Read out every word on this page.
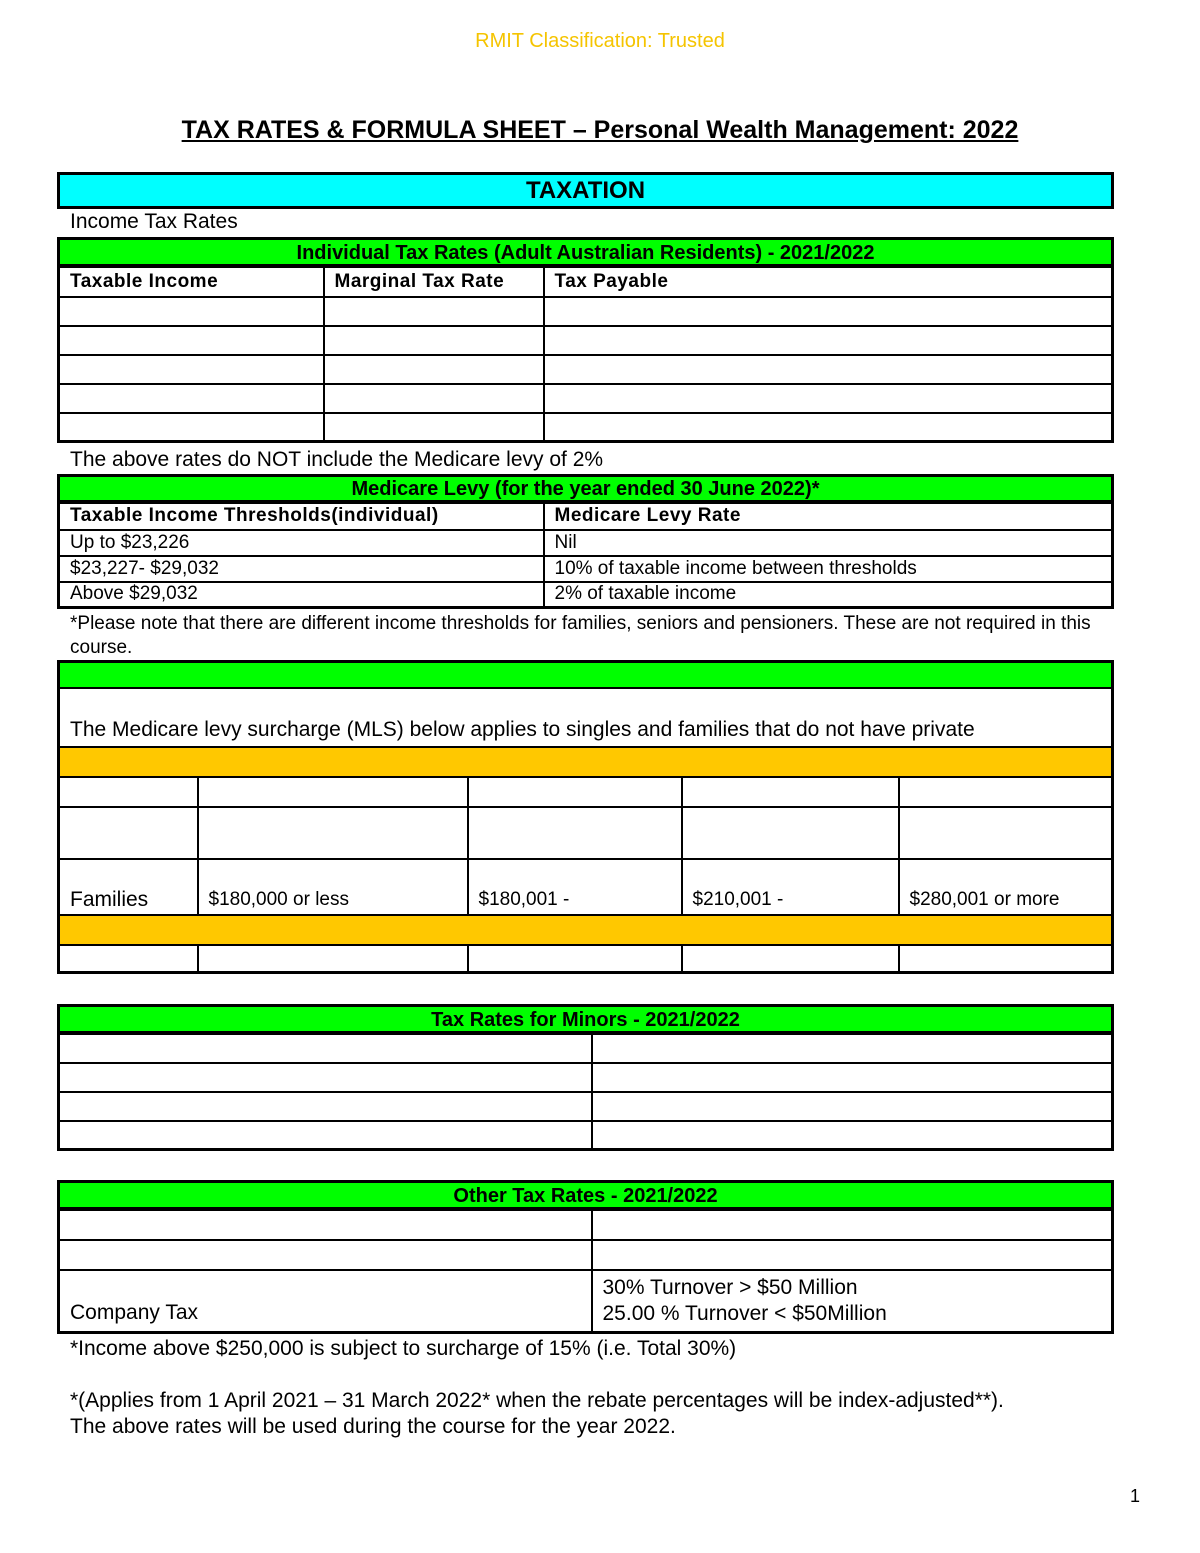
RMIT Classification: Trusted
TAX RATES & FORMULA SHEET – Personal Wealth Management: 2022
TAXATION
Income Tax Rates
Individual Tax Rates (Adult Australian Residents) - 2021/2022
Taxable Income	Marginal Tax Rate	Tax Payable

The above rates do NOT include the Medicare levy of 2%
Medicare Levy (for the year ended 30 June 2022)*
Taxable Income Thresholds(individual)	Medicare Levy Rate
Up to $23,226	Nil
$23,227- $29,032	10% of taxable income between thresholds
Above $29,032	2% of taxable income
*Please note that there are different income thresholds for families, seniors and pensioners. These are not required in this course.
The Medicare levy surcharge (MLS) below applies to singles and families that do not have private

Families	$180,000 or less	$180,001 -	$210,001 -	$280,001 or more

Tax Rates for Minors - 2021/2022

Other Tax Rates - 2021/2022

Company Tax	30% Turnover > $50 Million
25.00 % Turnover < $50Million
*Income above $250,000 is subject to surcharge of 15% (i.e. Total 30%)
*(Applies from 1 April 2021 – 31 March 2022* when the rebate percentages will be index-adjusted**).
The above rates will be used during the course for the year 2022.
1
